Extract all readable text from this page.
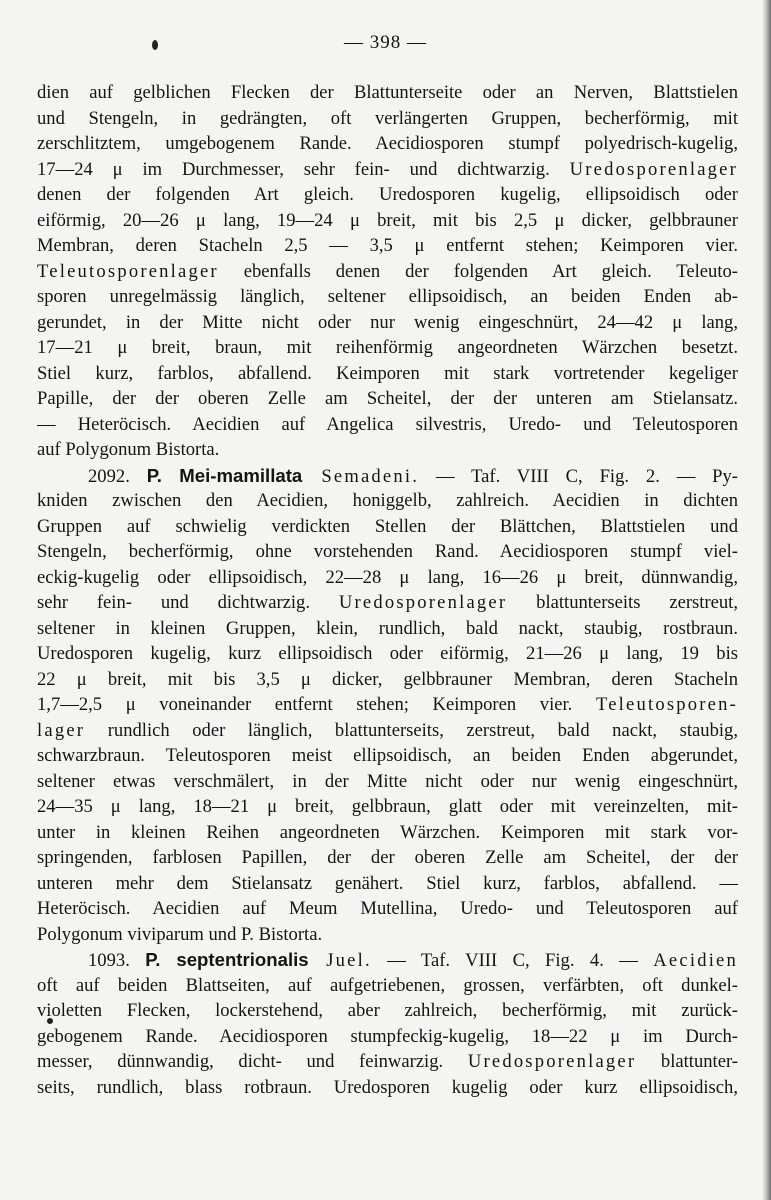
— 398 —
dien auf gelblichen Flecken der Blattunterseite oder an Nerven, Blattstielen
und Stengeln, in gedrängten, oft verlängerten Gruppen, becherförmig, mit
zerschlitztem, umgebogenem Rande. Aecidiosporen stumpf polyedrisch-kugelig,
17—24 μ im Durchmesser, sehr fein- und dichtwarzig. Uredosporenlager
denen der folgenden Art gleich. Uredosporen kugelig, ellipsoidisch oder
eiförmig, 20—26 μ lang, 19—24 μ breit, mit bis 2,5 μ dicker, gelbbrauner
Membran, deren Stacheln 2,5 — 3,5 μ entfernt stehen; Keimporen vier.
Teleutosporenlager ebenfalls denen der folgenden Art gleich. Teleuto-
sporen unregelmässig länglich, seltener ellipsoidisch, an beiden Enden ab-
gerundet, in der Mitte nicht oder nur wenig eingeschnürt, 24—42 μ lang,
17—21 μ breit, braun, mit reihenförmig angeordneten Wärzchen besetzt.
Stiel kurz, farblos, abfallend. Keimporen mit stark vortretender kegeliger
Papille, der der oberen Zelle am Scheitel, der der unteren am Stielansatz.
— Heteröcisch. Aecidien auf Angelica silvestris, Uredo- und Teleutosporen
auf Polygonum Bistorta.
2092. P. Mei-mamillata Semadeni. — Taf. VIII C, Fig. 2. — Py-
kniden zwischen den Aecidien, honiggelb, zahlreich. Aecidien in dichten
Gruppen auf schwielig verdickten Stellen der Blättchen, Blattstielen und
Stengeln, becherförmig, ohne vorstehenden Rand. Aecidiosporen stumpf viel-
eckig-kugelig oder ellipsoidisch, 22—28 μ lang, 16—26 μ breit, dünnwandig,
sehr fein- und dichtwarzig. Uredosporenlager blattunterseits zerstreut,
seltener in kleinen Gruppen, klein, rundlich, bald nackt, staubig, rostbraun.
Uredosporen kugelig, kurz ellipsoidisch oder eiförmig, 21—26 μ lang, 19 bis
22 μ breit, mit bis 3,5 μ dicker, gelbbrauner Membran, deren Stacheln
1,7—2,5 μ voneinander entfernt stehen; Keimporen vier. Teleutosporen-
lager rundlich oder länglich, blattunterseits, zerstreut, bald nackt, staubig,
schwarzbraun. Teleutosporen meist ellipsoidisch, an beiden Enden abgerundet,
seltener etwas verschmälert, in der Mitte nicht oder nur wenig eingeschnürt,
24—35 μ lang, 18—21 μ breit, gelbbraun, glatt oder mit vereinzelten, mit-
unter in kleinen Reihen angeordneten Wärzchen. Keimporen mit stark vor-
springenden, farblosen Papillen, der der oberen Zelle am Scheitel, der der
unteren mehr dem Stielansatz genähert. Stiel kurz, farblos, abfallend. —
Heteröcisch. Aecidien auf Meum Mutellina, Uredo- und Teleutosporen auf
Polygonum viviparum und P. Bistorta.
1093. P. septentrionalis Juel. — Taf. VIII C, Fig. 4. — Aecidien
oft auf beiden Blattseiten, auf aufgetriebenen, grossen, verfärbten, oft dunkel-
violetten Flecken, lockerstehend, aber zahlreich, becherförmig, mit zurück-
gebogenem Rande. Aecidiosporen stumpfeckig-kugelig, 18—22 μ im Durch-
messer, dünnwandig, dicht- und feinwarzig. Uredosporenlager blattunter-
seits, rundlich, blass rotbraun. Uredosporen kugelig oder kurz ellipsoidisch,
